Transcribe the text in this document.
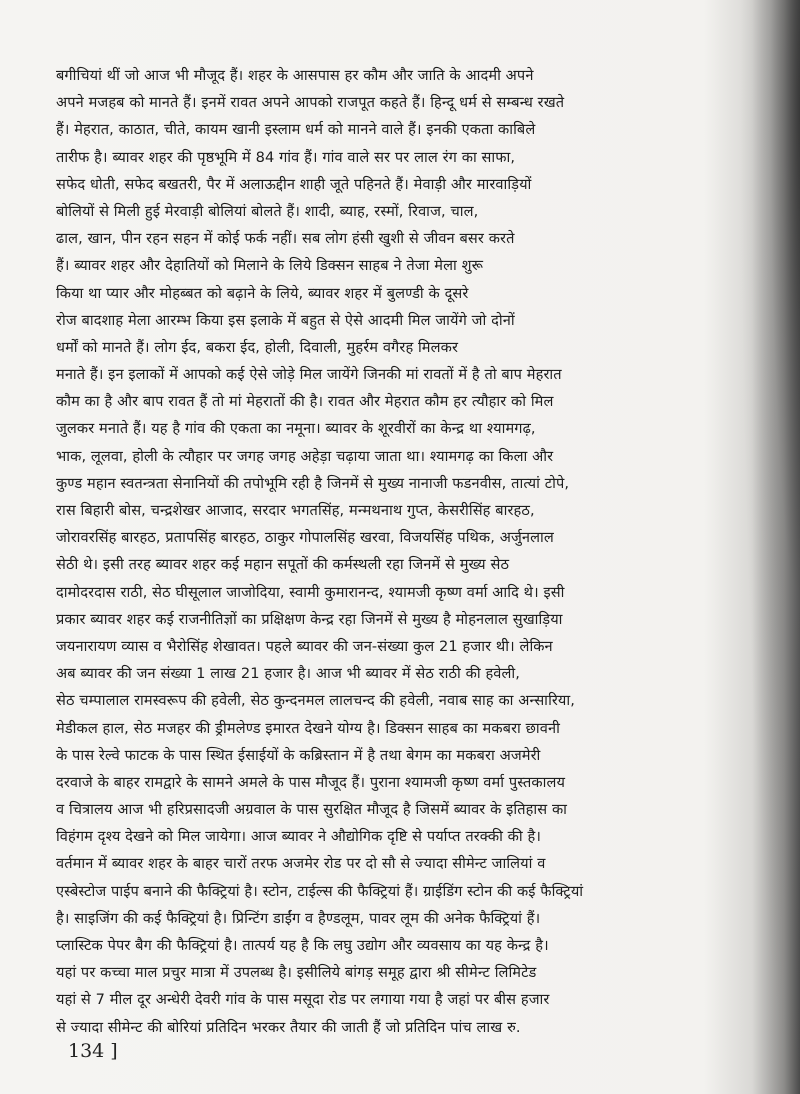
बगीचियां थीं जो आज भी मौजूद हैं। शहर के आसपास हर कौम और जाति के आदमी अपने
अपने मजहब को मानते हैं। इनमें रावत अपने आपको राजपूत कहते हैं। हिन्दू धर्म से सम्बन्ध रखते
हैं। मेहरात, काठात, चीते, कायम खानी इस्लाम धर्म को मानने वाले हैं। इनकी एकता काबिले
तारीफ है। ब्यावर शहर की पृष्ठभूमि में 84 गांव हैं। गांव वाले सर पर लाल रंग का साफा,
सफेद धोती, सफेद बखतरी, पैर में अलाऊद्दीन शाही जूते पहिनते हैं। मेवाड़ी और मारवाड़ियों
बोलियों से मिली हुई मेरवाड़ी बोलियां बोलते हैं। शादी, ब्याह, रस्मों, रिवाज, चाल,
ढाल, खान, पीन रहन सहन में कोई फर्क नहीं। सब लोग हंसी खुशी से जीवन बसर करते
हैं। ब्यावर शहर और देहातियों को मिलाने के लिये डिक्सन साहब ने तेजा मेला शुरू
किया था प्यार और मोहब्बत को बढ़ाने के लिये, ब्यावर शहर में बुलण्डी के दूसरे
रोज बादशाह मेला आरम्भ किया इस इलाके में बहुत से ऐसे आदमी मिल जायेंगे जो दोनों
धर्मों को मानते हैं। लोग ईद, बकरा ईद, होली, दिवाली, मुहर्रम वगैरह मिलकर
मनाते हैं। इन इलाकों में आपको कई ऐसे जोड़े मिल जायेंगे जिनकी मां रावतों में है तो बाप मेहरात
कौम का है और बाप रावत हैं तो मां मेहरातों की है। रावत और मेहरात कौम हर त्यौहार को मिल
जुलकर मनाते हैं। यह है गांव की एकता का नमूना। ब्यावर के शूरवीरों का केन्द्र था श्यामगढ़,
भाक, लूलवा, होली के त्यौहार पर जगह जगह अहेड़ा चढ़ाया जाता था। श्यामगढ़ का किला और
कुण्ड महान स्वतन्त्रता सेनानियों की तपोभूमि रही है जिनमें से मुख्य नानाजी फडनवीस, तात्यां टोपे,
रास बिहारी बोस, चन्द्रशेखर आजाद, सरदार भगतसिंह, मन्मथनाथ गुप्त, केसरीसिंह बारहठ,
जोरावरसिंह बारहठ, प्रतापसिंह बारहठ, ठाकुर गोपालसिंह खरवा, विजयसिंह पथिक, अर्जुनलाल
सेठी थे। इसी तरह ब्यावर शहर कई महान सपूतों की कर्मस्थली रहा जिनमें से मुख्य सेठ
दामोदरदास राठी, सेठ घीसूलाल जाजोदिया, स्वामी कुमारानन्द, श्यामजी कृष्ण वर्मा आदि थे। इसी
प्रकार ब्यावर शहर कई राजनीतिज्ञों का प्रक्षिक्षण केन्द्र रहा जिनमें से मुख्य है मोहनलाल सुखाड़िया
जयनारायण व्यास व भैरोसिंह शेखावत। पहले ब्यावर की जन-संख्या कुल 21 हजार थी। लेकिन
अब ब्यावर की जन संख्या 1 लाख 21 हजार है। आज भी ब्यावर में सेठ राठी की हवेली,
सेठ चम्पालाल रामस्वरूप की हवेली, सेठ कुन्दनमल लालचन्द की हवेली, नवाब साह का अन्सारिया,
मेडीकल हाल, सेठ मजहर की ड्रीमलेण्ड इमारत देखने योग्य है। डिक्सन साहब का मकबरा छावनी
के पास रेल्वे फाटक के पास स्थित ईसाईयों के कब्रिस्तान में है तथा बेगम का मकबरा अजमेरी
दरवाजे के बाहर रामद्वारे के सामने अमले के पास मौजूद हैं। पुराना श्यामजी कृष्ण वर्मा पुस्तकालय
व चित्रालय आज भी हरिप्रसादजी अग्रवाल के पास सुरक्षित मौजूद है जिसमें ब्यावर के इतिहास का
विहंगम दृश्य देखने को मिल जायेगा। आज ब्यावर ने औद्योगिक दृष्टि से पर्याप्त तरक्की की है।
वर्तमान में ब्यावर शहर के बाहर चारों तरफ अजमेर रोड पर दो सौ से ज्यादा सीमेन्ट जालियां व
एस्बेस्टोज पाईप बनाने की फैक्ट्रियां है। स्टोन, टाईल्स की फैक्ट्रियां हैं। ग्राईडिंग स्टोन की कई फैक्ट्रियां
है। साइजिंग की कई फैक्ट्रियां है। प्रिन्टिंग डाईंग व हैण्डलूम, पावर लूम की अनेक फैक्ट्रियां हैं।
प्लास्टिक पेपर बैग की फैक्ट्रियां है। तात्पर्य यह है कि लघु उद्योग और व्यवसाय का यह केन्द्र है।
यहां पर कच्चा माल प्रचुर मात्रा में उपलब्ध है। इसीलिये बांगड़ समूह द्वारा श्री सीमेन्ट लिमिटेड
यहां से 7 मील दूर अन्धेरी देवरी गांव के पास मसूदा रोड पर लगाया गया है जहां पर बीस हजार
से ज्यादा सीमेन्ट की बोरियां प्रतिदिन भरकर तैयार की जाती हैं जो प्रतिदिन पांच लाख रु.
134 ]
